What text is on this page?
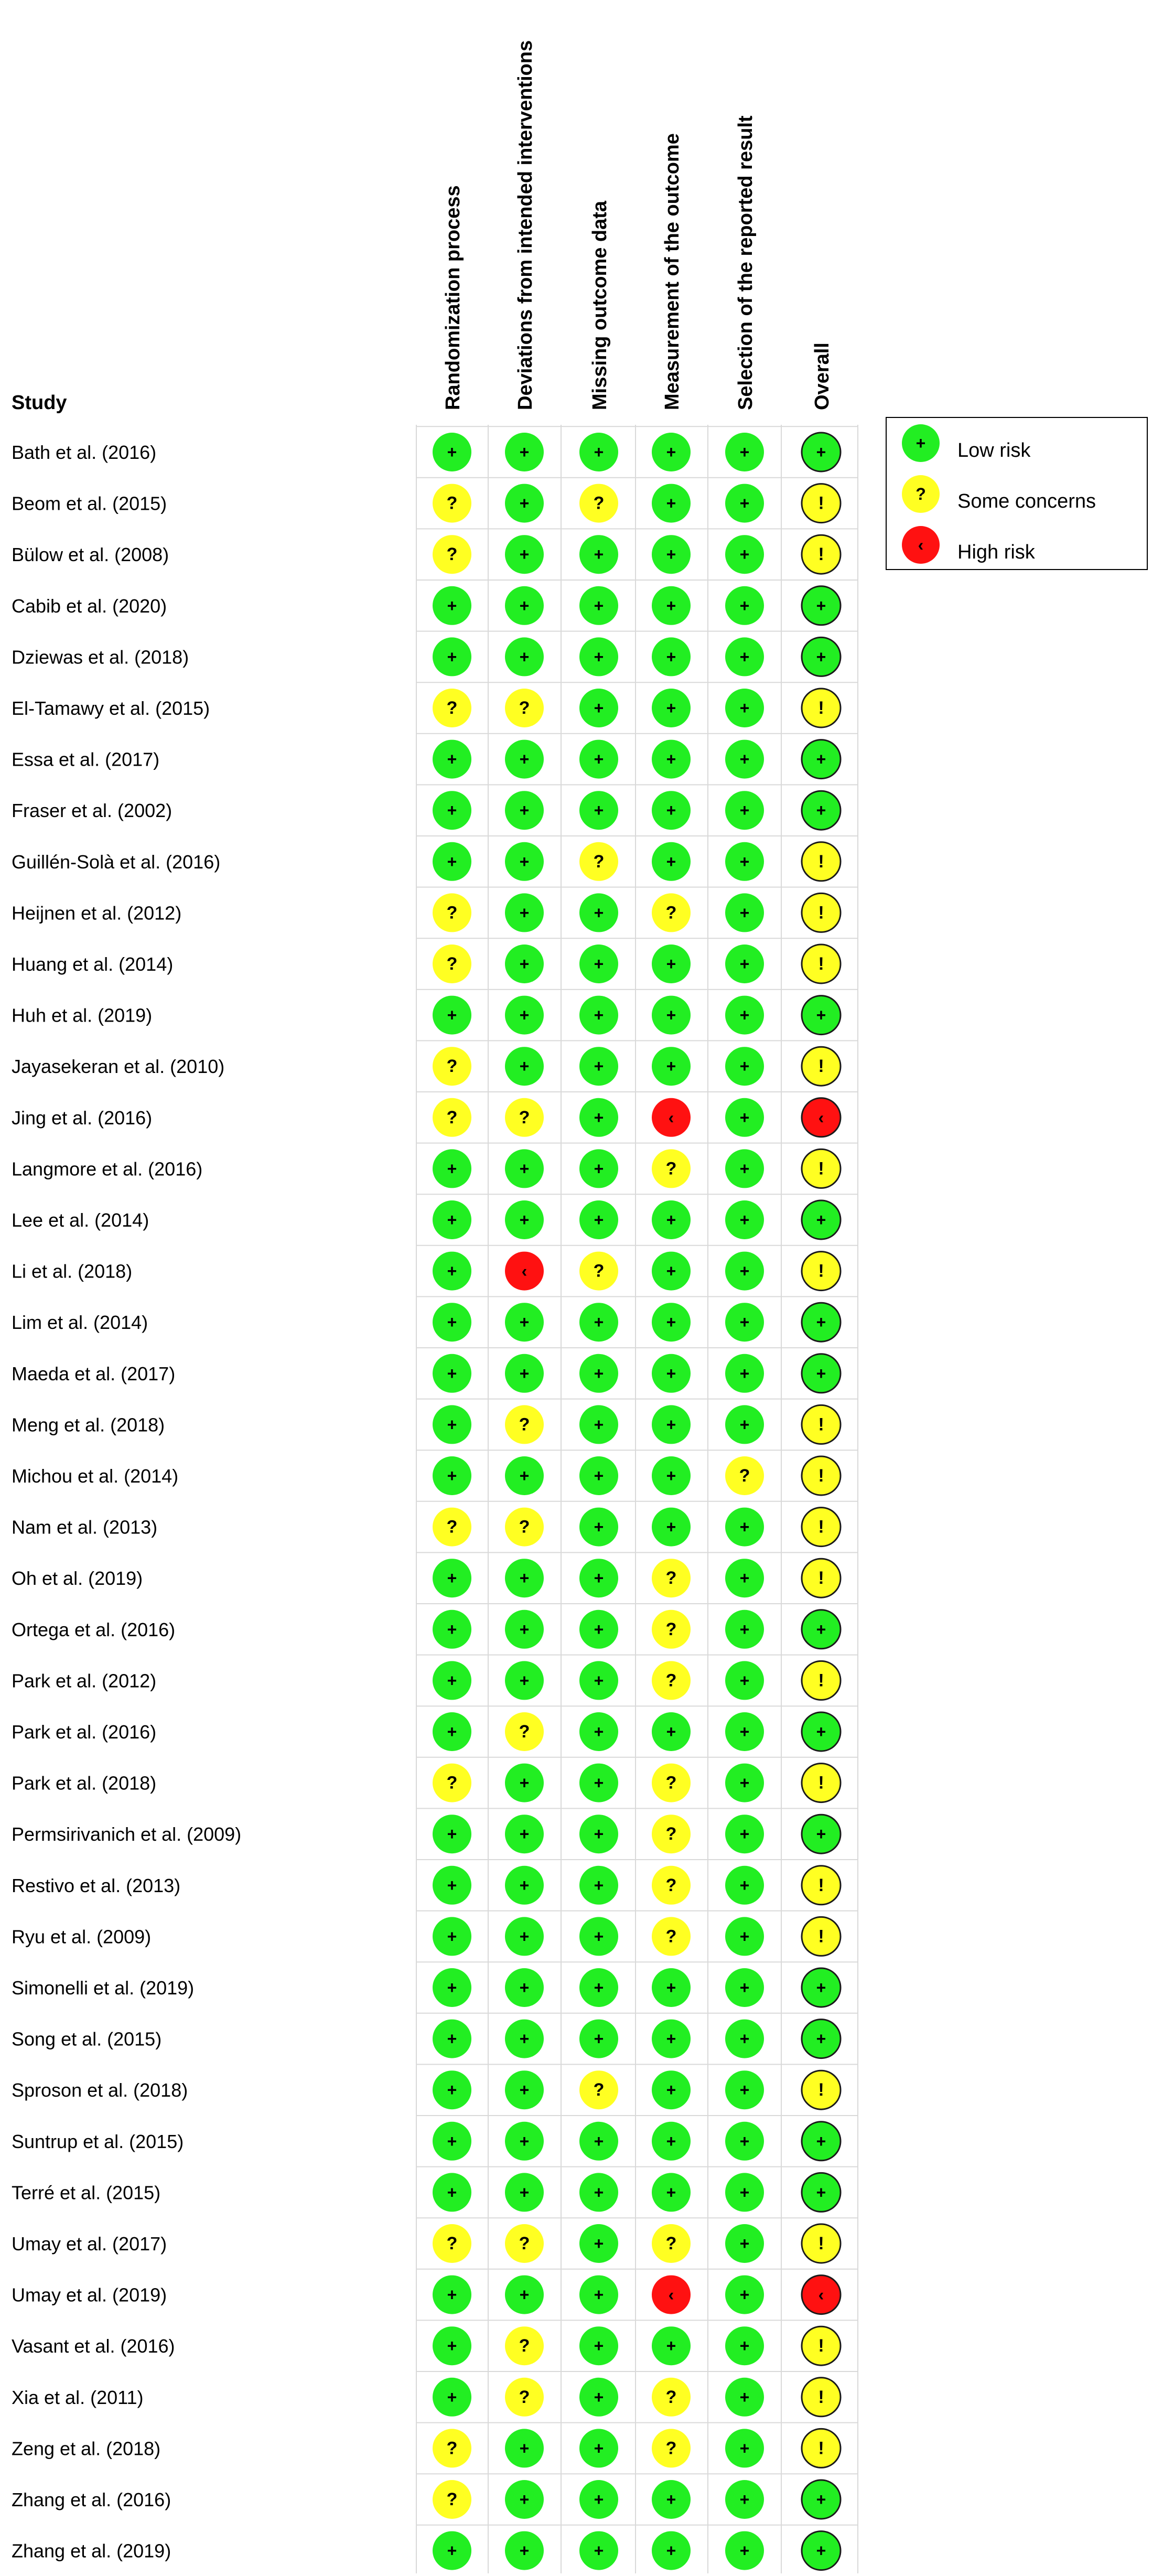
Study	Randomization process	Deviations from intended interventions	Missing outcome data	Measurement of the outcome	Selection of the reported result	Overall
Bath et al. (2016)	+	+	+	+	+	+
Beom et al. (2015)	?	+	?	+	+	!
Bülow et al. (2008)	?	+	+	+	+	!
Cabib et al. (2020)	+	+	+	+	+	+
Dziewas et al. (2018)	+	+	+	+	+	+
El-Tamawy et al. (2015)	?	?	+	+	+	!
Essa et al. (2017)	+	+	+	+	+	+
Fraser et al. (2002)	+	+	+	+	+	+
Guillén-Solà et al. (2016)	+	+	?	+	+	!
Heijnen et al. (2012)	?	+	+	?	+	!
Huang et al. (2014)	?	+	+	+	+	!
Huh et al. (2019)	+	+	+	+	+	+
Jayasekeran et al. (2010)	?	+	+	+	+	!
Jing et al. (2016)	?	?	+	‹	+	‹
Langmore et al. (2016)	+	+	+	?	+	!
Lee et al. (2014)	+	+	+	+	+	+
Li et al. (2018)	+	‹	?	+	+	!
Lim et al. (2014)	+	+	+	+	+	+
Maeda et al. (2017)	+	+	+	+	+	+
Meng et al. (2018)	+	?	+	+	+	!
Michou et al. (2014)	+	+	+	+	?	!
Nam et al. (2013)	?	?	+	+	+	!
Oh et al. (2019)	+	+	+	?	+	!
Ortega et al. (2016)	+	+	+	?	+	+
Park et al. (2012)	+	+	+	?	+	!
Park et al. (2016)	+	?	+	+	+	+
Park et al. (2018)	?	+	+	?	+	!
Permsirivanich et al. (2009)	+	+	+	?	+	+
Restivo et al. (2013)	+	+	+	?	+	!
Ryu et al. (2009)	+	+	+	?	+	!
Simonelli et al. (2019)	+	+	+	+	+	+
Song et al. (2015)	+	+	+	+	+	+
Sproson et al. (2018)	+	+	?	+	+	!
Suntrup et al. (2015)	+	+	+	+	+	+
Terré et al. (2015)	+	+	+	+	+	+
Umay et al. (2017)	?	?	+	?	+	!
Umay et al. (2019)	+	+	+	‹	+	‹
Vasant et al. (2016)	+	?	+	+	+	!
Xia et al. (2011)	+	?	+	?	+	!
Zeng et al. (2018)	?	+	+	?	+	!
Zhang et al. (2016)	?	+	+	+	+	+
Zhang et al. (2019)	+	+	+	+	+	+
+ Low risk
? Some concerns
‹ High risk
